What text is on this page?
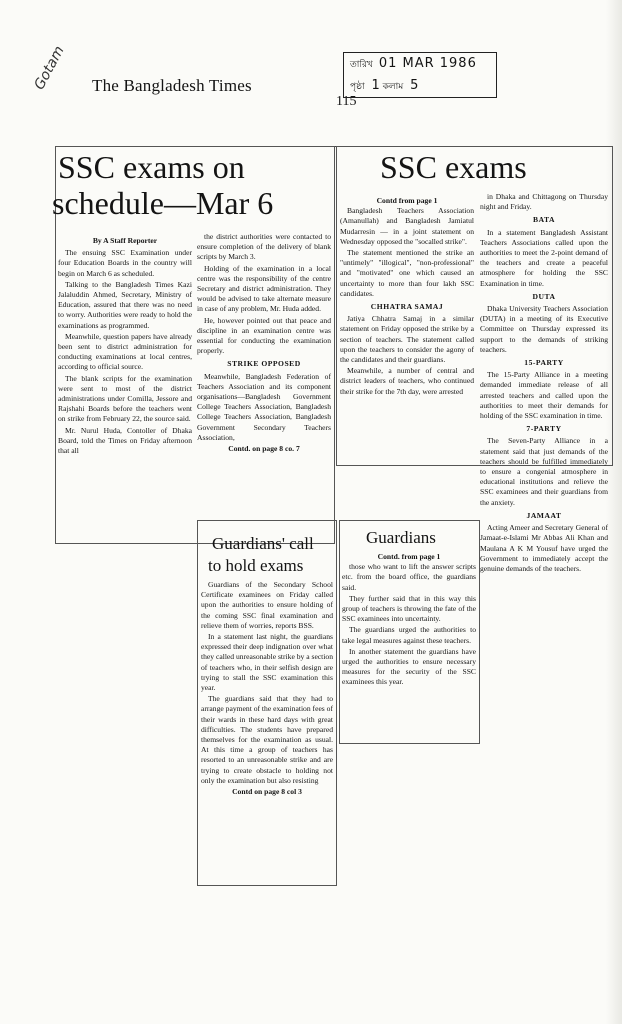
Gotam The Bangladesh Times
115
তারিখ 01 MAR 1986
পৃষ্ঠা 1 কলাম 5
SSC exams on
schedule—Mar 6
By A Staff Reporter

The ensuing SSC Examination under four Education Boards in the country will begin on March 6 as scheduled.

Talking to the Bangladesh Times Kazi Jalaluddin Ahmed, Secretary, Ministry of Education, assured that there was no need to worry. Authorities were ready to hold the examinations as programmed.

Meanwhile, question papers have already been sent to district administration for conducting examinations at local centres, according to official source.

The blank scripts for the examination were sent to most of the district administrations under Comilla, Jessore and Rajshahi Boards before the teachers went on strike from February 22, the source said.

Mr. Nurul Huda, Contoller of Dhaka Board, told the Times on Friday afternoon that all

the district authorities were contacted to ensure completion of the delivery of blank scripts by March 3.

Holding of the examination in a local centre was the responsibility of the centre Secretary and district administration. They would be advised to take alternate measure in case of any problem, Mr. Huda added.

He, however pointed out that peace and discipline in an examination centre was essential for conducting the examination properly.

STRIKE OPPOSED

Meanwhile, Bangladesh Federation of Teachers Association and its component organisations—Bangladesh Government College Teachers Association, Bangladesh College Teachers Association, Bangladesh Government Secondary Teachers Association,

Contd. on page 8 co. 7
SSC exams
Contd from page 1

Bangladesh Teachers Association (Amanullah) and Bangladesh Jamiatul Mudarresin — in a joint statement on Wednesday opposed the "socalled strike".

The statement mentioned the strike an "untimely" "illogical", "non-professional" and "motivated" one which caused an uncertainty to more than four lakh SSC candidates.

CHHATRA SAMAJ

Jatiya Chhatra Samaj in a similar statement on Friday opposed the strike by a section of teachers. The statement called upon the teachers to consider the agony of the candidates and their guardians.

Meanwhile, a number of central and district leaders of teachers, who continued their strike for the 7th day, were arrested

in Dhaka and Chittagong on Thursday night and Friday.

BATA

In a statement Bangladesh Assistant Teachers Associations called upon the authorities to meet the 2-point demand of the teachers and create a peaceful atmosphere for holding the SSC Examination in time.

DUTA

Dhaka University Teachers Association (DUTA) in a meeting of its Executive Committee on Thursday expressed its support to the demands of striking teachers.

15-PARTY

The 15-Party Alliance in a meeting demanded immediate release of all arrested teachers and called upon the authorities to meet their demands for holding of the SSC examination in time.

7-PARTY

The Seven-Party Alliance in a statement said that just demands of the teachers should be fulfilled immediately to ensure a congenial atmosphere in educational institutions and relieve the SSC examinees and their guardians from the anxiety.

JAMAAT

Acting Ameer and Secretary General of Jamaat-e-Islami Mr Abbas Ali Khan and Maulana A K M Yousuf have urged the Government to immediately accept the genuine demands of the teachers.

Guardians' call
to hold exams

Guardians of the Secondary School Certificate examinees on Friday called upon the authorities to ensure holding of the coming SSC final examination and relieve them of worries, reports BSS.

In a statement last night, the guardians expressed their deep indignation over what they called unreasonable strike by a section of teachers who, in their selfish design are trying to stall the SSC examination this year.

The guardians said that they had to arrange payment of the examination fees of their wards in these hard days with great difficulties. The students have prepared themselves for the examination as usual. At this time a group of teachers has resorted to an unreasonable strike and are trying to create obstacle to holding not only the examination but also resisting

Contd on page 8 col 3
Guardians
Contd. from page 1

those who want to lift the answer scripts etc. from the board office, the guardians said.

They further said that in this way this group of teachers is throwing the fate of the SSC examinees into uncertainty.

The guardians urged the authorities to take legal measures against these teachers.

In another statement the guardians have urged the authorities to ensure necessary measures for the security of the SSC examinees this year.
